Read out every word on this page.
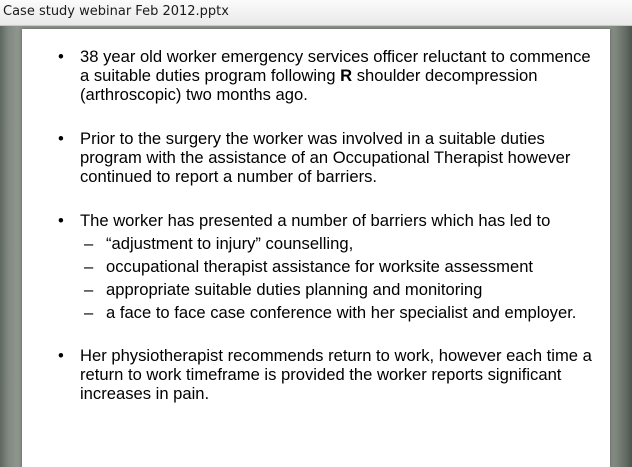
Case study webinar Feb 2012.pptx
• 38 year old worker emergency services officer reluctant to commence a suitable duties program following R shoulder decompression (arthroscopic) two months ago.
• Prior to the surgery the worker was involved in a suitable duties program with the assistance of an Occupational Therapist however continued to report a number of barriers.
• The worker has presented a number of barriers which has led to
– “adjustment to injury” counselling,
– occupational therapist assistance for worksite assessment
– appropriate suitable duties planning and monitoring
– a face to face case conference with her specialist and employer.
• Her physiotherapist recommends return to work, however each time a return to work timeframe is provided the worker reports significant increases in pain.
